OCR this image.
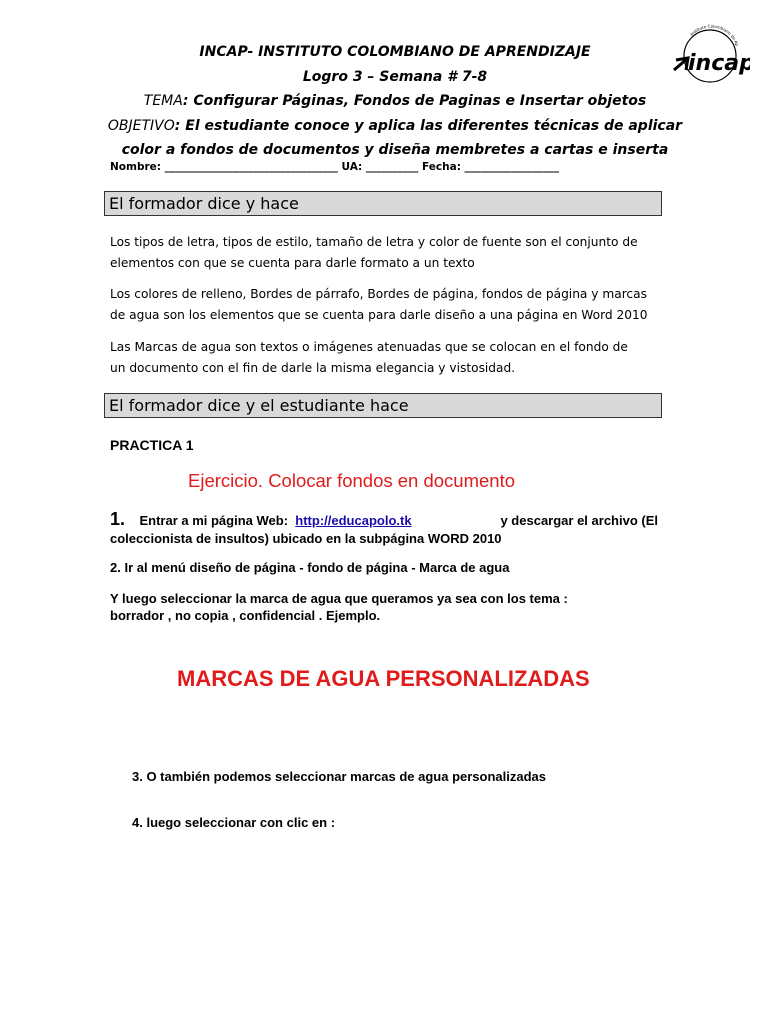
INCAP- INSTITUTO COLOMBIANO DE APRENDIZAJE
Logro 3 – Semana # 7-8
TEMA: Configurar Páginas, Fondos de Paginas e Insertar objetos
OBJETIVO: El estudiante conoce y aplica las diferentes técnicas de aplicar
color a fondos de documentos y diseña membretes a cartas e inserta
Nombre: _________________________________ UA: __________ Fecha: __________________
incap
Instituto Colombiano de Ap
El formador dice y hace
Los tipos de letra, tipos de estilo, tamaño de letra y color de fuente son el conjunto de
elementos con que se cuenta para darle formato a un texto
Los colores de relleno, Bordes de párrafo, Bordes de página, fondos de página y marcas
de agua son los elementos que se cuenta para darle diseño a una página en Word 2010
Las Marcas de agua son textos o imágenes atenuadas que se colocan en el fondo de
un documento con el fin de darle la misma elegancia y vistosidad.
El formador dice y el estudiante hace
PRACTICA 1
Ejercicio. Colocar fondos en documento
1. Entrar a mi página Web: http://educapolo.tk	y descargar el archivo (El
coleccionista de insultos) ubicado en la subpágina WORD 2010
2. Ir al menú diseño de página - fondo de página - Marca de agua
Y luego seleccionar la marca de agua que queramos ya sea con los tema :
borrador , no copia , confidencial . Ejemplo.
MARCAS DE AGUA PERSONALIZADAS
3. O también podemos seleccionar marcas de agua personalizadas
4. luego seleccionar con clic en :
